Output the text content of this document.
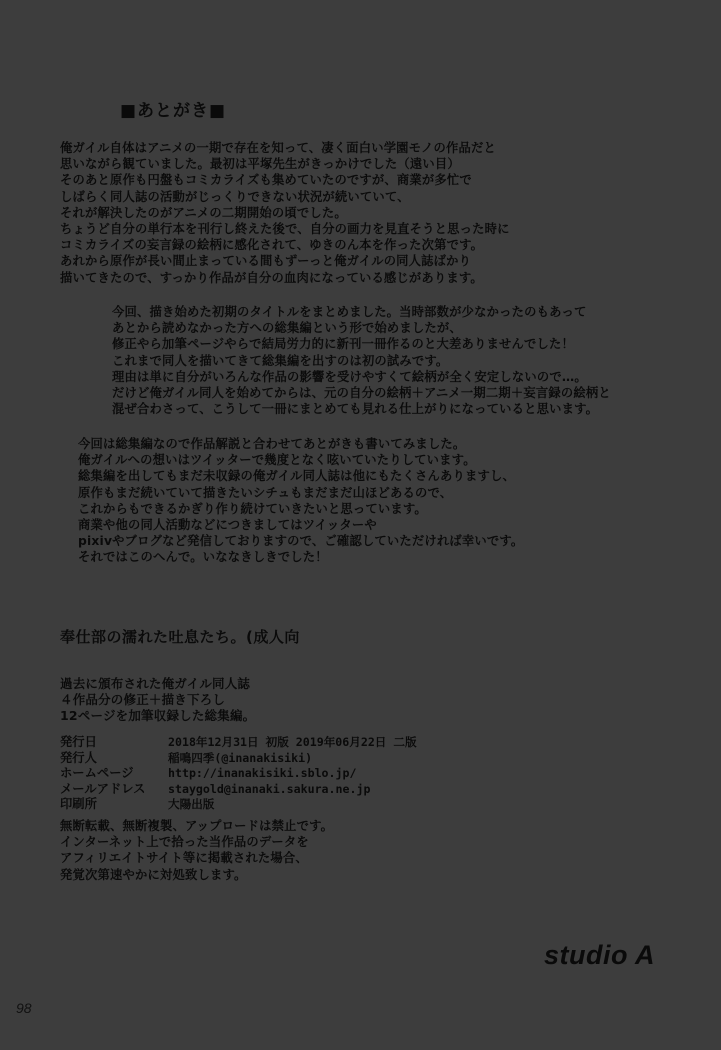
■あとがき■
俺ガイル自体はアニメの一期で存在を知って、凄く面白い学園モノの作品だと
思いながら観ていました。最初は平塚先生がきっかけでした（遠い目）
そのあと原作も円盤もコミカライズも集めていたのですが、商業が多忙で
しばらく同人誌の活動がじっくりできない状況が続いていて、
それが解決したのがアニメの二期開始の頃でした。
ちょうど自分の単行本を刊行し終えた後で、自分の画力を見直そうと思った時に
コミカライズの妄言録の絵柄に感化されて、ゆきのん本を作った次第です。
あれから原作が長い間止まっている間もずーっと俺ガイルの同人誌ばかり
描いてきたので、すっかり作品が自分の血肉になっている感じがあります。
今回、描き始めた初期のタイトルをまとめました。当時部数が少なかったのもあって
あとから読めなかった方への総集編という形で始めましたが、
修正やら加筆ページやらで結局労力的に新刊一冊作るのと大差ありませんでした！
これまで同人を描いてきて総集編を出すのは初の試みです。
理由は単に自分がいろんな作品の影響を受けやすくて絵柄が全く安定しないので…。
だけど俺ガイル同人を始めてからは、元の自分の絵柄＋アニメ一期二期＋妄言録の絵柄と
混ぜ合わさって、こうして一冊にまとめても見れる仕上がりになっていると思います。
今回は総集編なので作品解説と合わせてあとがきも書いてみました。
俺ガイルへの想いはツイッターで幾度となく呟いていたりしています。
総集編を出してもまだ未収録の俺ガイル同人誌は他にもたくさんありますし、
原作もまだ続いていて描きたいシチュもまだまだ山ほどあるので、
これからもできるかぎり作り続けていきたいと思っています。
商業や他の同人活動などにつきましてはツイッターや
pixivやブログなど発信しておりますので、ご確認していただければ幸いです。
それではこのへんで。いななきしきでした！
奉仕部の濡れた吐息たち。(成人向
過去に頒布された俺ガイル同人誌
４作品分の修正＋描き下ろし
12ページを加筆収録した総集編。
発行日	2018年12月31日 初版 2019年06月22日 二版
発行人	稲鳴四季(@inanakisiki)
ホームページ	http://inanakisiki.sblo.jp/
メールアドレス	staygold@inanaki.sakura.ne.jp
印刷所	大陽出版
無断転載、無断複製、アップロードは禁止です。
インターネット上で拾った当作品のデータを
アフィリエイトサイト等に掲載された場合、
発覚次第速やかに対処致します。
studio A
98
